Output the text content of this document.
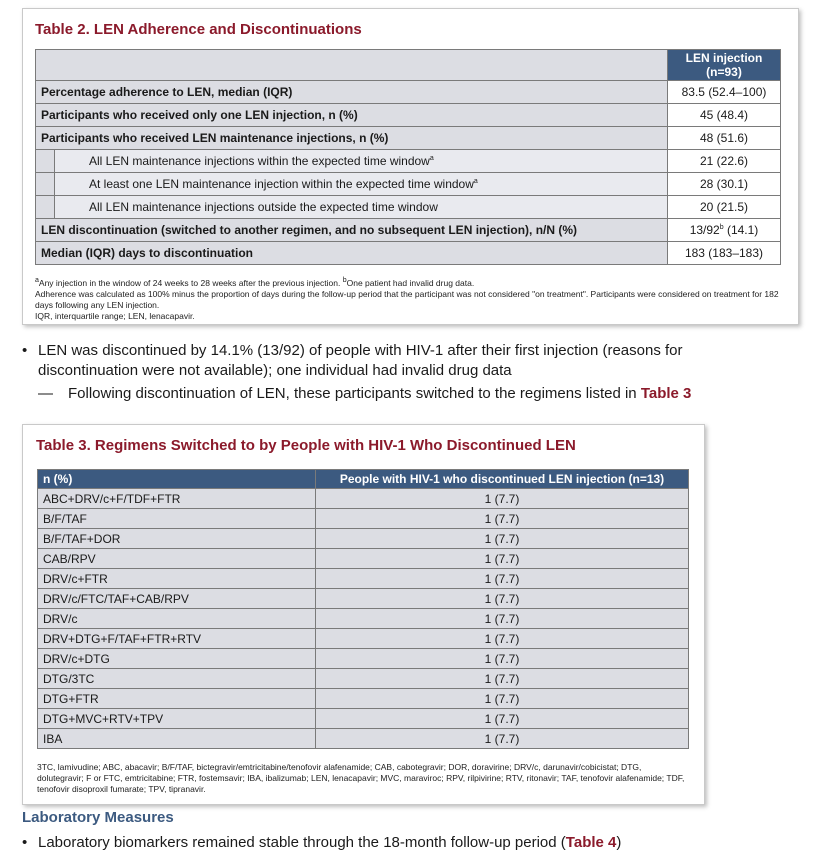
Table 2. LEN Adherence and Discontinuations
		LEN injection
(n=93)
Percentage adherence to LEN, median (IQR)		83.5 (52.4–100)
Participants who received only one LEN injection, n (%)		45 (48.4)
Participants who received LEN maintenance injections, n (%)		48 (51.6)
	All LEN maintenance injections within the expected time window$^a$	21 (22.6)
	At least one LEN maintenance injection within the expected time window$^a$	28 (30.1)
	All LEN maintenance injections outside the expected time window	20 (21.5)
LEN discontinuation (switched to another regimen, and no subsequent LEN injection), n/N (%)		13/92$^b$ (14.1)
Median (IQR) days to discontinuation		183 (183–183)
$^a$Any injection in the window of 24 weeks to 28 weeks after the previous injection. $^b$One patient had invalid drug data.
Adherence was calculated as 100% minus the proportion of days during the follow-up period that the participant was not considered "on treatment". Participants were considered on treatment for 182 days following any LEN injection.
IQR, interquartile range; LEN, lenacapavir.
• LEN was discontinued by 14.1% (13/92) of people with HIV-1 after their first injection (reasons for discontinuation were not available); one individual had invalid drug data
— Following discontinuation of LEN, these participants switched to the regimens listed in Table 3
Table 3. Regimens Switched to by People with HIV-1 Who Discontinued LEN
n (%)	People with HIV-1 who discontinued LEN injection (n=13)
ABC+DRV/c+F/TDF+FTR	1 (7.7)
B/F/TAF	1 (7.7)
B/F/TAF+DOR	1 (7.7)
CAB/RPV	1 (7.7)
DRV/c+FTR	1 (7.7)
DRV/c/FTC/TAF+CAB/RPV	1 (7.7)
DRV/c	1 (7.7)
DRV+DTG+F/TAF+FTR+RTV	1 (7.7)
DRV/c+DTG	1 (7.7)
DTG/3TC	1 (7.7)
DTG+FTR	1 (7.7)
DTG+MVC+RTV+TPV	1 (7.7)
IBA	1 (7.7)
3TC, lamivudine; ABC, abacavir; B/F/TAF, bictegravir/emtricitabine/tenofovir alafenamide; CAB, cabotegravir; DOR, doravirine; DRV/c, darunavir/cobicistat; DTG, dolutegravir; F or FTC, emtricitabine; FTR, fostemsavir; IBA, ibalizumab; LEN, lenacapavir; MVC, maraviroc; RPV, rilpivirine; RTV, ritonavir; TAF, tenofovir alafenamide; TDF, tenofovir disoproxil fumarate; TPV, tipranavir.
Laboratory Measures
• Laboratory biomarkers remained stable through the 18-month follow-up period (Table 4)
